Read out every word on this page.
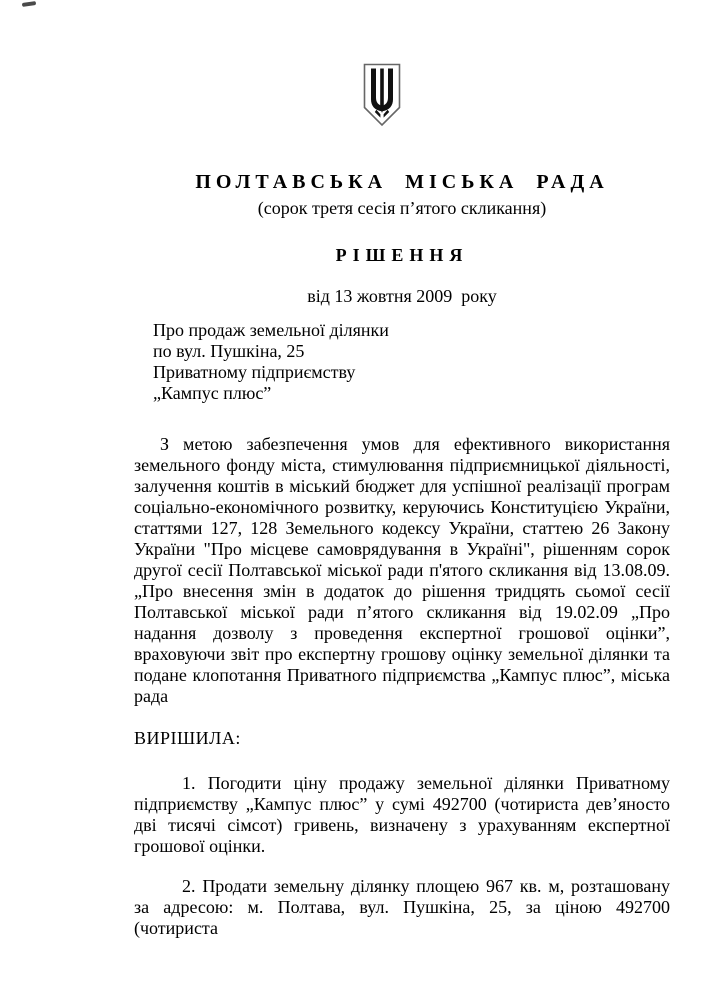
ПОЛТАВСЬКА МІСЬКА РАДА
(сорок третя сесія п’ятого скликання)
РІШЕННЯ
від 13 жовтня 2009  року
Про продаж земельної ділянки
по вул. Пушкіна, 25
Приватному підприємству
„Кампус плюс”
З метою забезпечення умов для ефективного використання земельного фонду міста, стимулювання підприємницької діяльності, залучення коштів в міський бюджет для успішної реалізації програм соціально-економічного розвитку, керуючись Конституцією України, статтями 127, 128 Земельного кодексу України, статтею 26 Закону України "Про місцеве самоврядування в Україні", рішенням сорок другої сесії Полтавської міської ради п'ятого скликання від 13.08.09. „Про внесення змін в додаток до рішення тридцять сьомої сесії Полтавської міської ради п’ятого скликання від 19.02.09 „Про надання дозволу з проведення експертної грошової оцінки”, враховуючи звіт про експертну грошову оцінку земельної ділянки та подане клопотання Приватного підприємства „Кампус плюс”, міська рада
ВИРІШИЛА:
1. Погодити ціну продажу земельної ділянки Приватному підприємству „Кампус плюс” у сумі 492700 (чотириста дев’яносто дві тисячі сімсот) гривень, визначену з урахуванням експертної грошової оцінки.
2. Продати земельну ділянку площею 967 кв. м, розташовану за адресою: м. Полтава, вул. Пушкіна, 25, за ціною 492700 (чотириста
